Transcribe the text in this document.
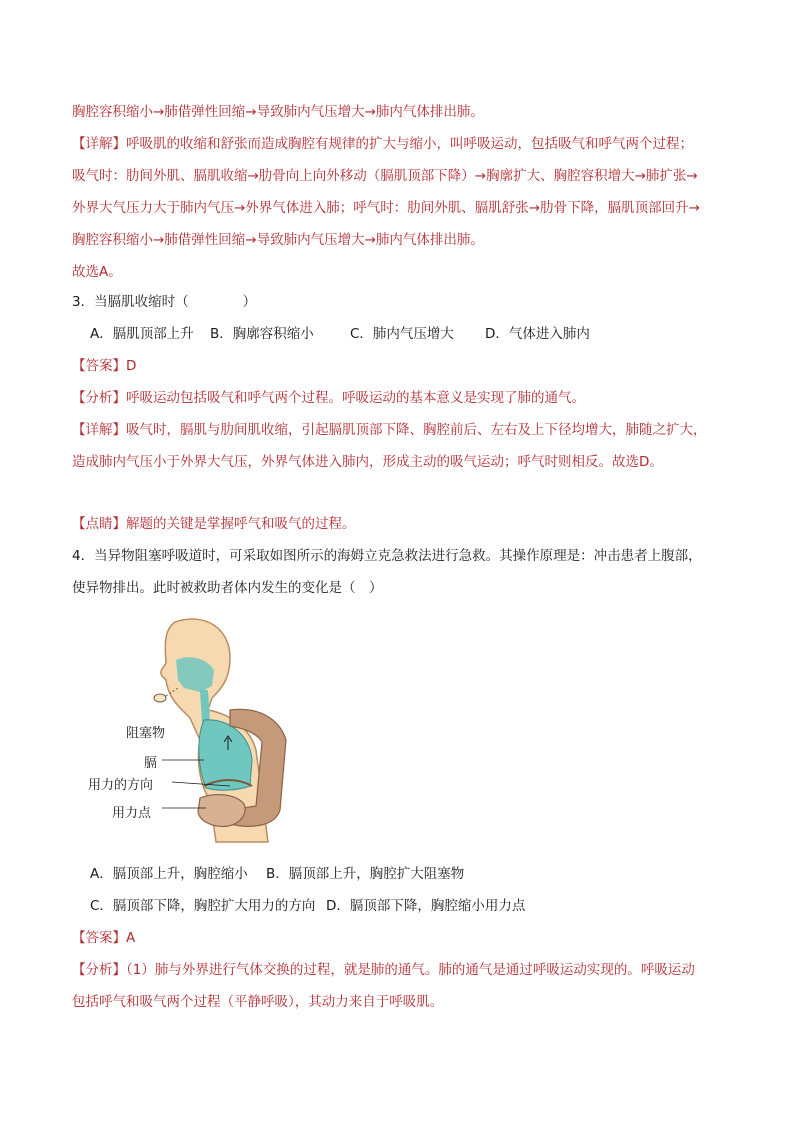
胸腔容积缩小→肺借弹性回缩→导致肺内气压增大→肺内气体排出肺。
【详解】呼吸肌的收缩和舒张而造成胸腔有规律的扩大与缩小，叫呼吸运动，包括吸气和呼气两个过程；
吸气时：肋间外肌、膈肌收缩→肋骨向上向外移动（膈肌顶部下降）→胸廓扩大、胸腔容积增大→肺扩张→
外界大气压力大于肺内气压→外界气体进入肺；呼气时：肋间外肌、膈肌舒张→肋骨下降，膈肌顶部回升→
胸腔容积缩小→肺借弹性回缩→导致肺内气压增大→肺内气体排出肺。
故选A。
3．当膈肌收缩时（　　　　）
A．膈肌顶部上升 B．胸廓容积缩小	C．肺内气压增大 D．气体进入肺内
【答案】D
【分析】呼吸运动包括吸气和呼气两个过程。呼吸运动的基本意义是实现了肺的通气。
【详解】吸气时，膈肌与肋间肌收缩，引起膈肌顶部下降、胸腔前后、左右及上下径均增大，肺随之扩大，
造成肺内气压小于外界大气压，外界气体进入肺内，形成主动的吸气运动；呼气时则相反。故选D。
【点睛】解题的关键是掌握呼气和吸气的过程。
4．当异物阻塞呼吸道时，可采取如图所示的海姆立克急救法进行急救。其操作原理是：冲击患者上腹部，
使异物排出。此时被救助者体内发生的变化是（　）
阻塞物
膈
用力的方向
用力点
A．膈顶部上升，胸腔缩小 B．膈顶部上升，胸腔扩大阻塞物
C．膈顶部下降，胸腔扩大用力的方向 D．膈顶部下降，胸腔缩小用力点
【答案】A
【分析】（1）肺与外界进行气体交换的过程，就是肺的通气。肺的通气是通过呼吸运动实现的。呼吸运动
包括呼气和吸气两个过程（平静呼吸），其动力来自于呼吸肌。
